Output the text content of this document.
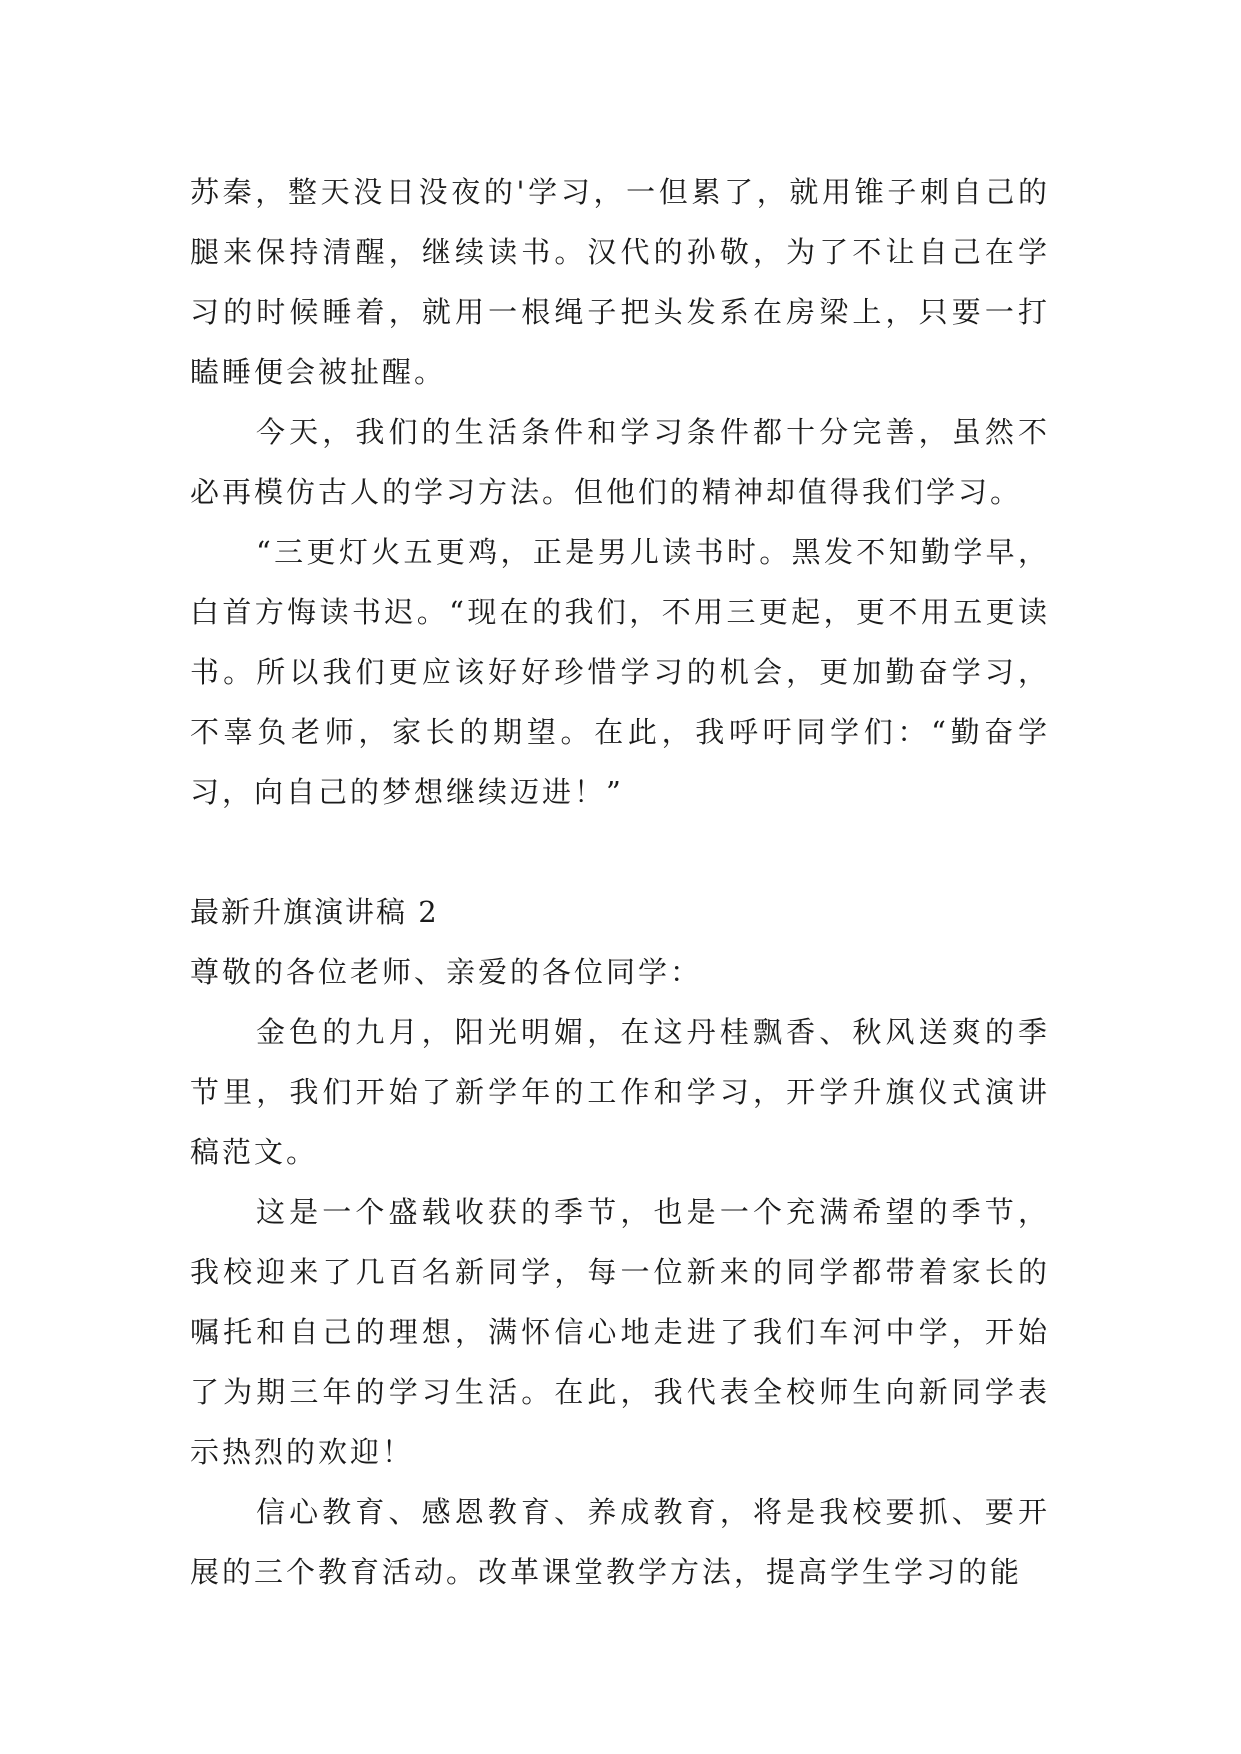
苏秦，整天没日没夜的'学习，一但累了，就用锥子刺自己的腿来保持清醒，继续读书。汉代的孙敬，为了不让自己在学习的时候睡着，就用一根绳子把头发系在房梁上，只要一打瞌睡便会被扯醒。

今天，我们的生活条件和学习条件都十分完善，虽然不必再模仿古人的学习方法。但他们的精神却值得我们学习。

“三更灯火五更鸡，正是男儿读书时。黑发不知勤学早，白首方悔读书迟。“现在的我们，不用三更起，更不用五更读书。所以我们更应该好好珍惜学习的机会，更加勤奋学习，不辜负老师，家长的期望。在此，我呼吁同学们：“勤奋学习，向自己的梦想继续迈进！”

最新升旗演讲稿 2

尊敬的各位老师、亲爱的各位同学：

金色的九月，阳光明媚，在这丹桂飘香、秋风送爽的季节里，我们开始了新学年的工作和学习，开学升旗仪式演讲稿范文。

这是一个盛载收获的季节，也是一个充满希望的季节，我校迎来了几百名新同学，每一位新来的同学都带着家长的嘱托和自己的理想，满怀信心地走进了我们车河中学，开始了为期三年的学习生活。在此，我代表全校师生向新同学表示热烈的欢迎！

信心教育、感恩教育、养成教育，将是我校要抓、要开展的三个教育活动。改革课堂教学方法，提高学生学习的能
